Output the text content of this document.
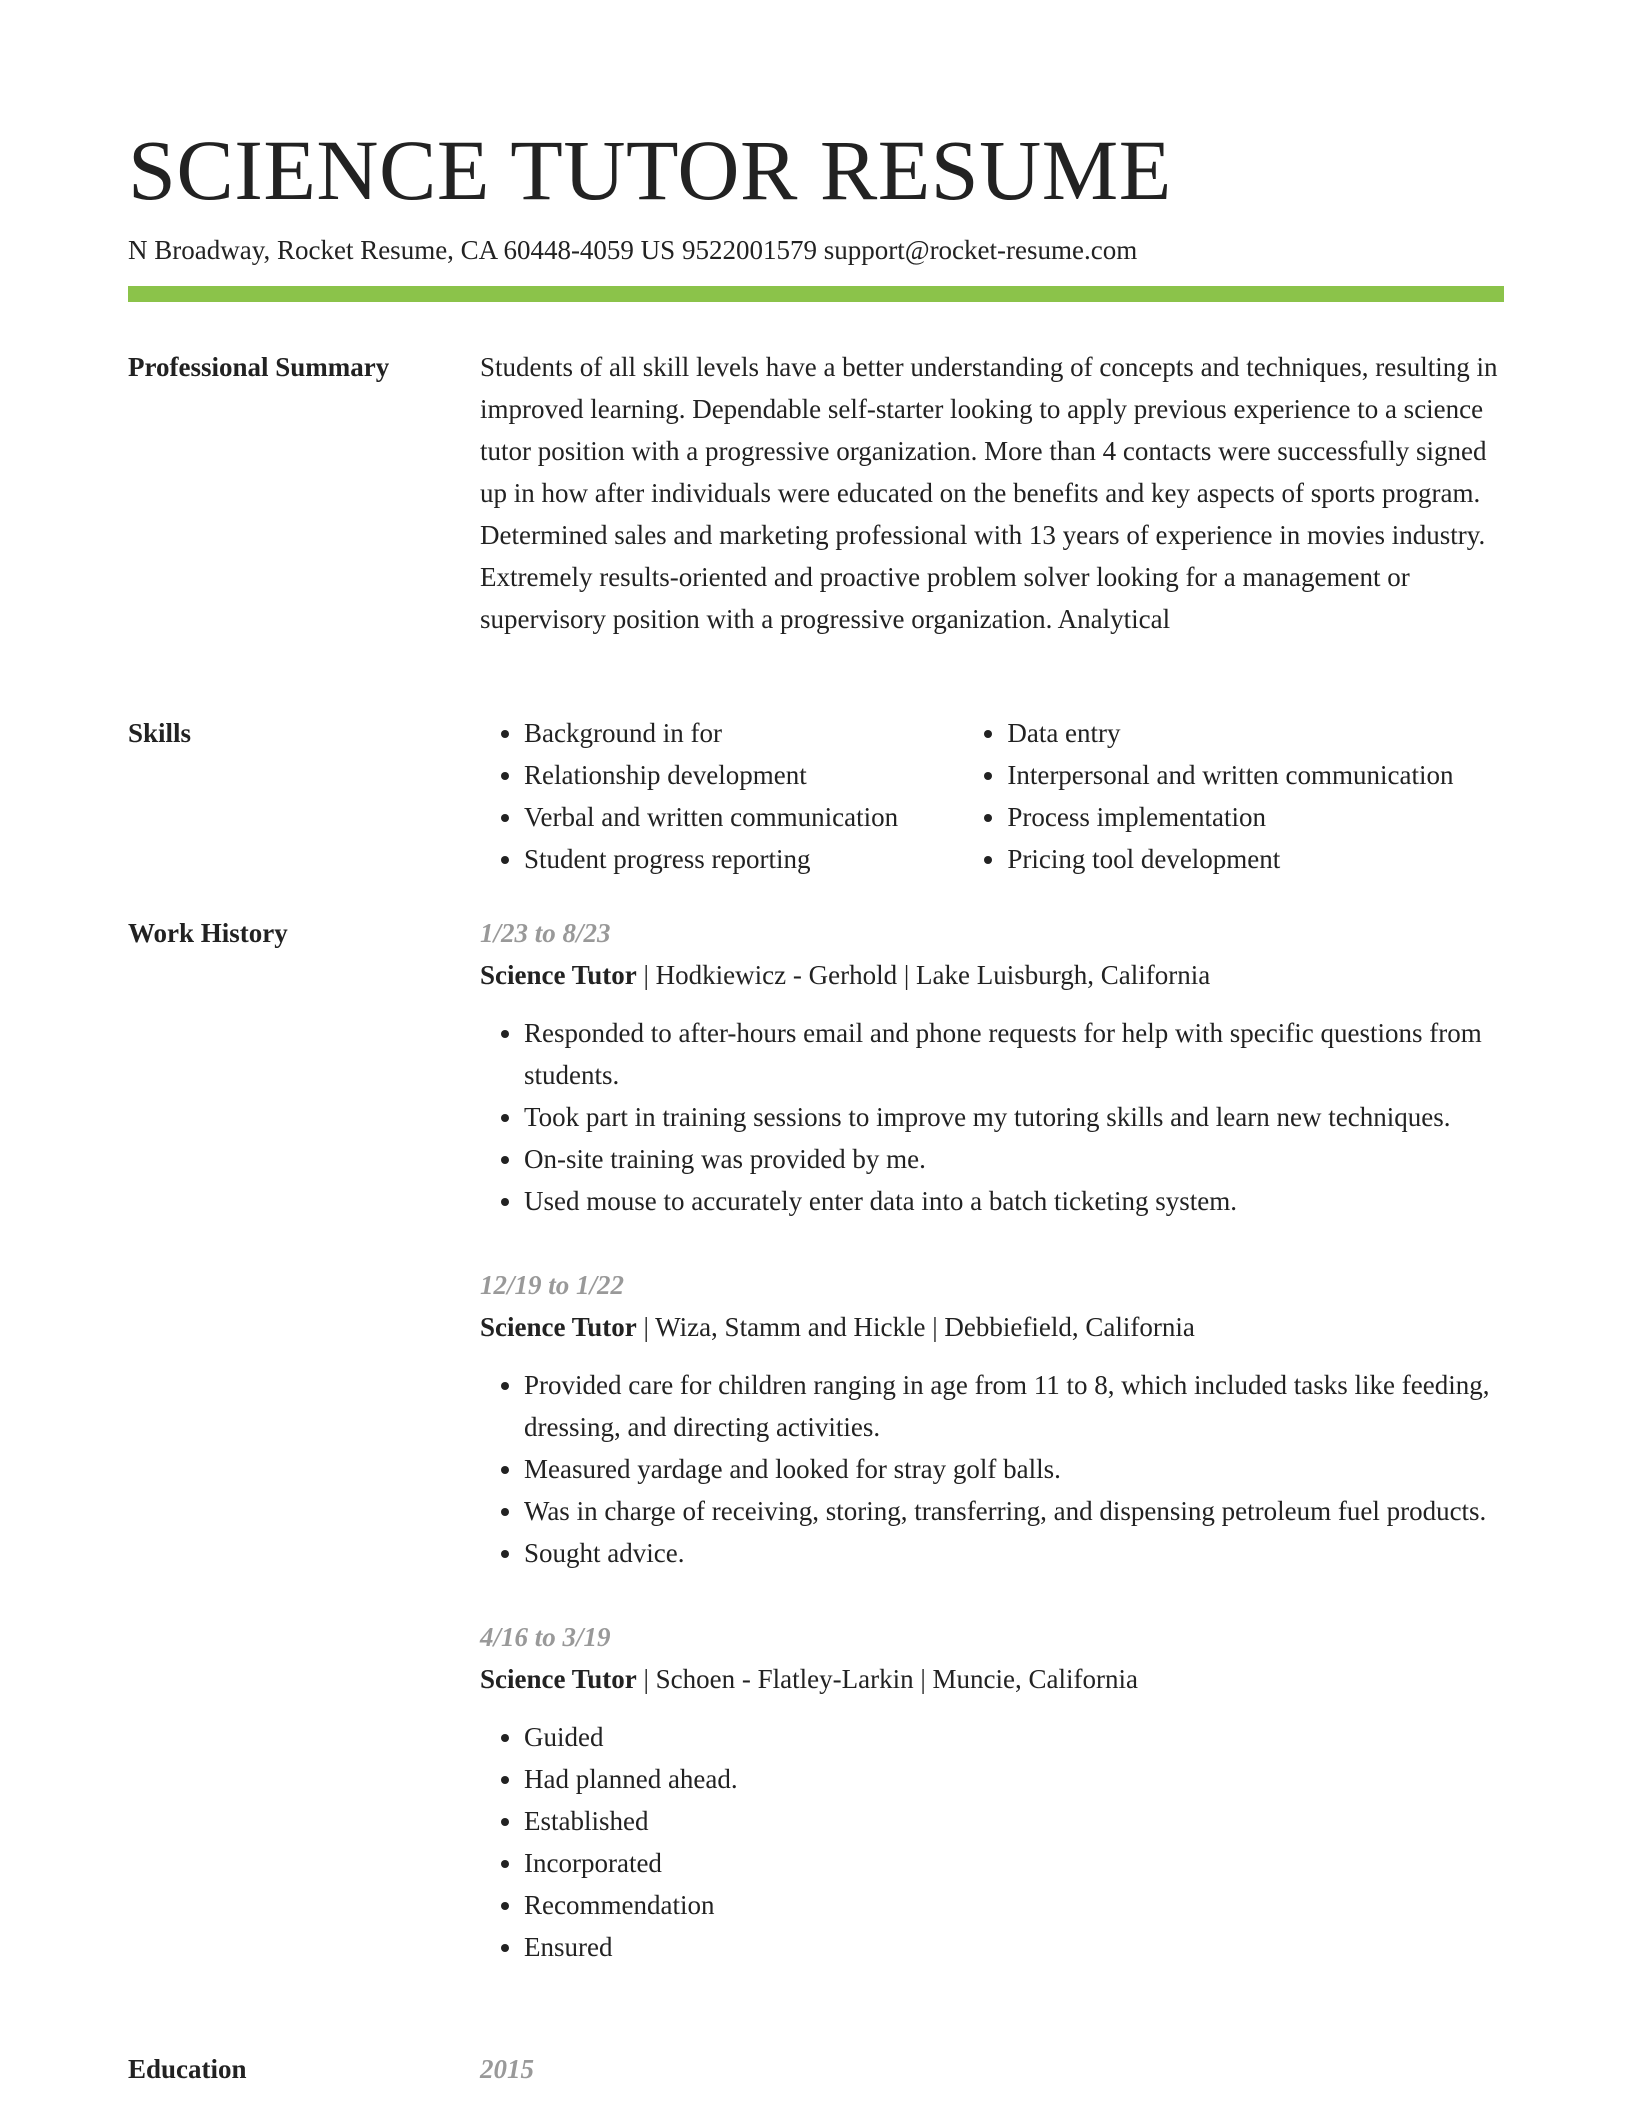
SCIENCE TUTOR RESUME
N Broadway, Rocket Resume, CA 60448-4059 US 9522001579 support@rocket-resume.com
Professional Summary	Students of all skill levels have a better understanding of concepts and techniques, resulting in improved learning. Dependable self-starter looking to apply previous experience to a science tutor position with a progressive organization. More than 4 contacts were successfully signed up in how after individuals were educated on the benefits and key aspects of sports program. Determined sales and marketing professional with 13 years of experience in movies industry. Extremely results-oriented and proactive problem solver looking for a management or supervisory position with a progressive organization. Analytical

Skills
•	Background in for
• Relationship development
• Verbal and written communication
• Student progress reporting
• Data entry
• Interpersonal and written communication
• Process implementation
• Pricing tool development
Work History	1/23 to 8/23
Science Tutor | Hodkiewicz - Gerhold | Lake Luisburgh, California
• Responded to after-hours email and phone requests for help with specific questions from students.
• Took part in training sessions to improve my tutoring skills and learn new techniques.
• On-site training was provided by me.
• Used mouse to accurately enter data into a batch ticketing system.
12/19 to 1/22
Science Tutor | Wiza, Stamm and Hickle | Debbiefield, California
• Provided care for children ranging in age from 11 to 8, which included tasks like feeding, dressing, and directing activities.
• Measured yardage and looked for stray golf balls.
• Was in charge of receiving, storing, transferring, and dispensing petroleum fuel products.
• Sought advice.
4/16 to 3/19
Science Tutor | Schoen - Flatley-Larkin | Muncie, California
• Guided
• Had planned ahead.
• Established
• Incorporated
• Recommendation
• Ensured
Education	2015
